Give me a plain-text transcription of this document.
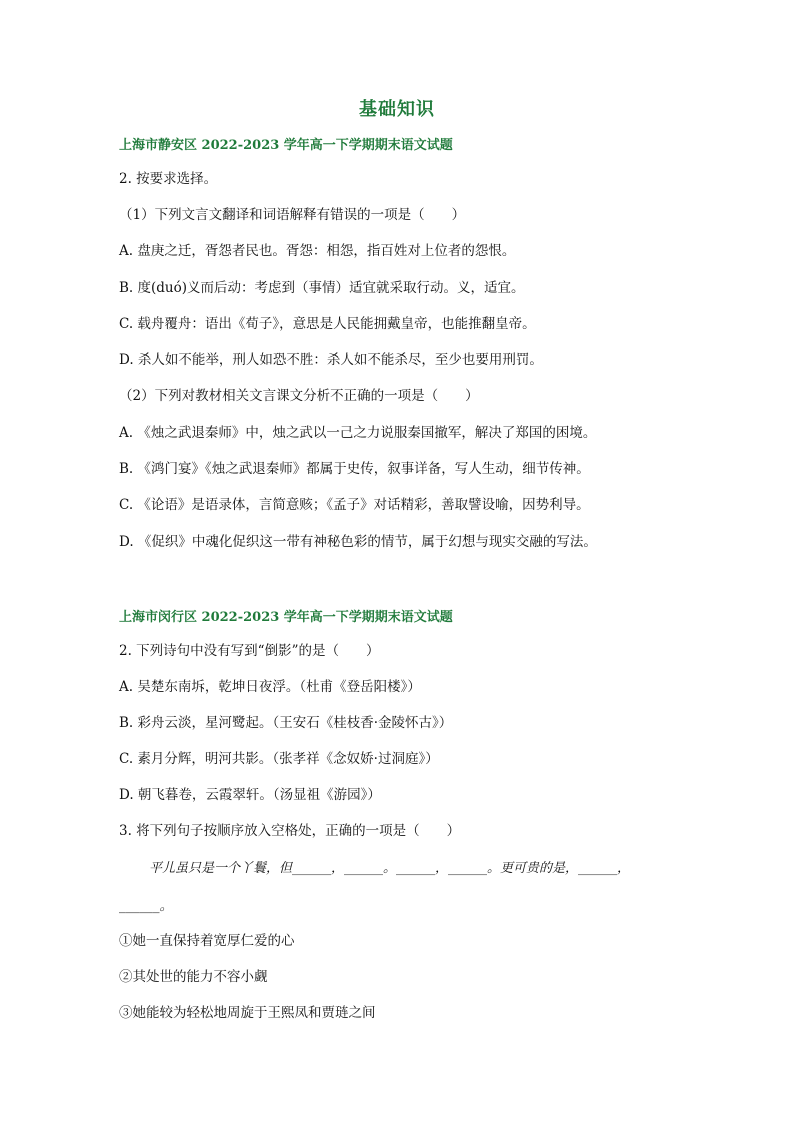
基础知识
上海市静安区 2022-2023 学年高一下学期期末语文试题
2. 按要求选择。
（1）下列文言文翻译和词语解释有错误的一项是（　　）
A. 盘庚之迁，胥怨者民也。胥怨：相怨，指百姓对上位者的怨恨。
B. 度(duó)义而后动：考虑到（事情）适宜就采取行动。义，适宜。
C. 载舟覆舟：语出《荀子》，意思是人民能拥戴皇帝，也能推翻皇帝。
D. 杀人如不能举，刑人如恐不胜：杀人如不能杀尽，至少也要用刑罚。
（2）下列对教材相关文言课文分析不正确的一项是（　　）
A. 《烛之武退秦师》中，烛之武以一己之力说服秦国撤军，解决了郑国的困境。
B. 《鸿门宴》《烛之武退秦师》都属于史传，叙事详备，写人生动，细节传神。
C. 《论语》是语录体，言简意赅；《孟子》对话精彩，善取譬设喻，因势利导。
D. 《促织》中魂化促织这一带有神秘色彩的情节，属于幻想与现实交融的写法。
上海市闵行区 2022-2023 学年高一下学期期末语文试题
2. 下列诗句中没有写到“倒影”的是（　　）
A. 吴楚东南坼，乾坤日夜浮。（杜甫《登岳阳楼》）
B. 彩舟云淡，星河鹭起。（王安石《桂枝香·金陵怀古》）
C. 素月分辉，明河共影。（张孝祥《念奴娇·过洞庭》）
D. 朝飞暮卷，云霞翠轩。（汤显祖《游园》）
3. 将下列句子按顺序放入空格处，正确的一项是（　　）
平儿虽只是一个丫鬟，但______，______。______，______。更可贵的是，______，
______。
①她一直保持着宽厚仁爱的心
②其处世的能力不容小觑
③她能较为轻松地周旋于王熙凤和贾琏之间
